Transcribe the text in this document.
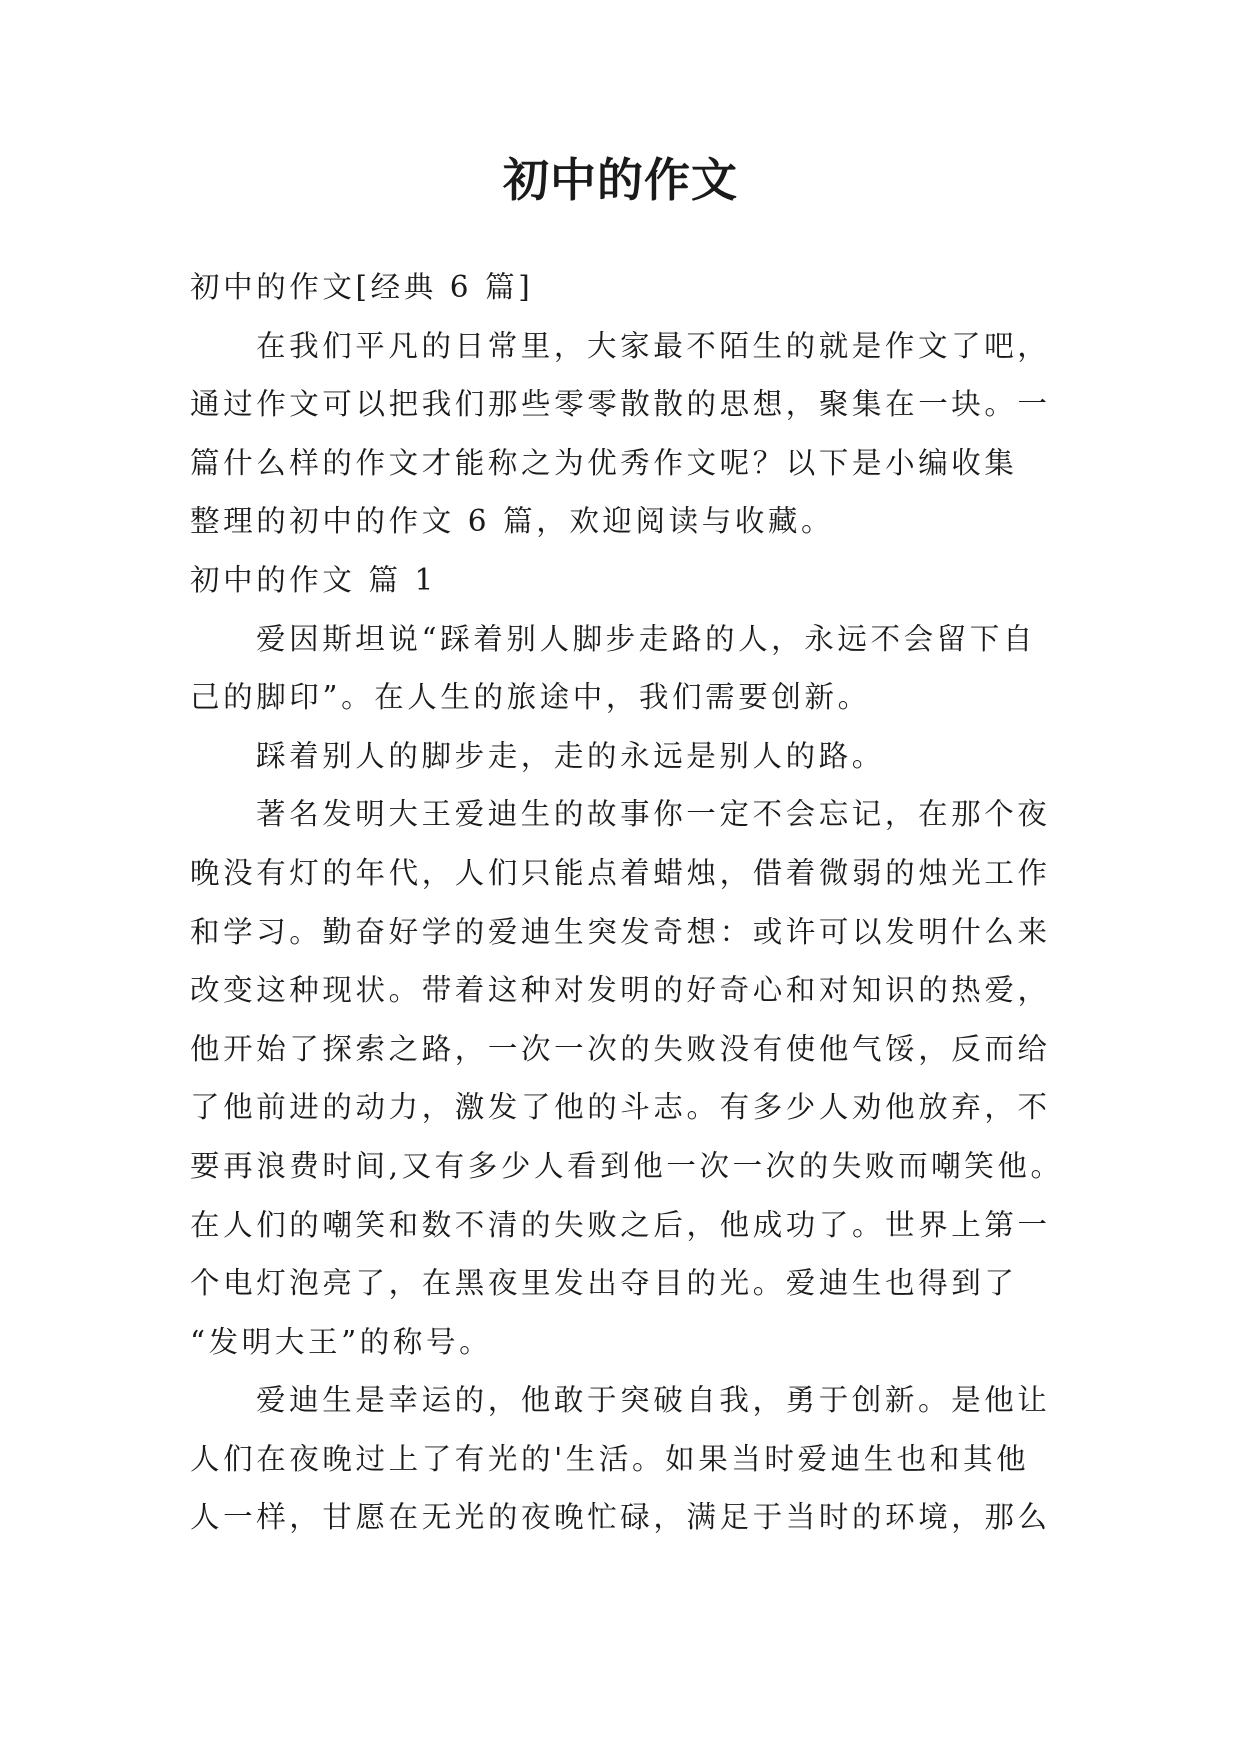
初中的作文
初中的作文[经典 6 篇]
在我们平凡的日常里，大家最不陌生的就是作文了吧，
通过作文可以把我们那些零零散散的思想，聚集在一块。一
篇什么样的作文才能称之为优秀作文呢？以下是小编收集
整理的初中的作文 6 篇，欢迎阅读与收藏。
初中的作文 篇 1
爱因斯坦说“踩着别人脚步走路的人，永远不会留下自
己的脚印”。在人生的旅途中，我们需要创新。
踩着别人的脚步走，走的永远是别人的路。
著名发明大王爱迪生的故事你一定不会忘记，在那个夜
晚没有灯的年代，人们只能点着蜡烛，借着微弱的烛光工作
和学习。勤奋好学的爱迪生突发奇想：或许可以发明什么来
改变这种现状。带着这种对发明的好奇心和对知识的热爱，
他开始了探索之路，一次一次的失败没有使他气馁，反而给
了他前进的动力，激发了他的斗志。有多少人劝他放弃，不
要再浪费时间,又有多少人看到他一次一次的失败而嘲笑他。
在人们的嘲笑和数不清的失败之后，他成功了。世界上第一
个电灯泡亮了，在黑夜里发出夺目的光。爱迪生也得到了
“发明大王”的称号。
爱迪生是幸运的，他敢于突破自我，勇于创新。是他让
人们在夜晚过上了有光的'生活。如果当时爱迪生也和其他
人一样，甘愿在无光的夜晚忙碌，满足于当时的环境，那么
